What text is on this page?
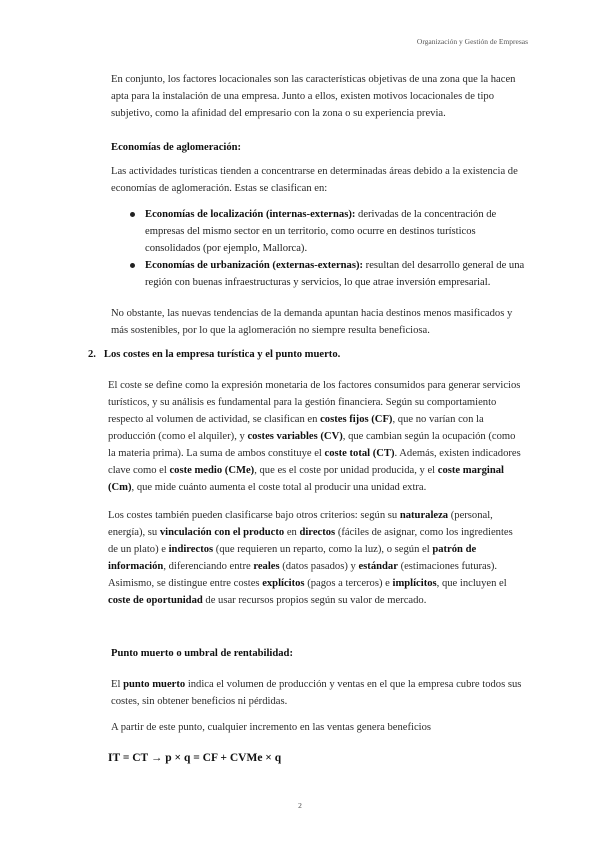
Organización y Gestión de Empresas

En conjunto, los factores locacionales son las características objetivas de una zona que la hacen apta para la instalación de una empresa. Junto a ellos, existen motivos locacionales de tipo subjetivo, como la afinidad del empresario con la zona o su experiencia previa.

Economías de aglomeración:

Las actividades turísticas tienden a concentrarse en determinadas áreas debido a la existencia de economías de aglomeración. Estas se clasifican en:

Economías de localización (internas-externas): derivadas de la concentración de empresas del mismo sector en un territorio, como ocurre en destinos turísticos consolidados (por ejemplo, Mallorca).
Economías de urbanización (externas-externas): resultan del desarrollo general de una región con buenas infraestructuras y servicios, lo que atrae inversión empresarial.

No obstante, las nuevas tendencias de la demanda apuntan hacia destinos menos masificados y más sostenibles, por lo que la aglomeración no siempre resulta beneficiosa.

2. Los costes en la empresa turística y el punto muerto.

El coste se define como la expresión monetaria de los factores consumidos para generar servicios turísticos, y su análisis es fundamental para la gestión financiera. Según su comportamiento respecto al volumen de actividad, se clasifican en costes fijos (CF), que no varían con la producción (como el alquiler), y costes variables (CV), que cambian según la ocupación (como la materia prima). La suma de ambos constituye el coste total (CT). Además, existen indicadores clave como el coste medio (CMe), que es el coste por unidad producida, y el coste marginal (Cm), que mide cuánto aumenta el coste total al producir una unidad extra.

Los costes también pueden clasificarse bajo otros criterios: según su naturaleza (personal, energía), su vinculación con el producto en directos (fáciles de asignar, como los ingredientes de un plato) e indirectos (que requieren un reparto, como la luz), o según el patrón de información, diferenciando entre reales (datos pasados) y estándar (estimaciones futuras). Asimismo, se distingue entre costes explícitos (pagos a terceros) e implícitos, que incluyen el coste de oportunidad de usar recursos propios según su valor de mercado.

Punto muerto o umbral de rentabilidad:

El punto muerto indica el volumen de producción y ventas en el que la empresa cubre todos sus costes, sin obtener beneficios ni pérdidas.

A partir de este punto, cualquier incremento en las ventas genera beneficios

IT = CT → p × q = CF + CVMe × q
2
